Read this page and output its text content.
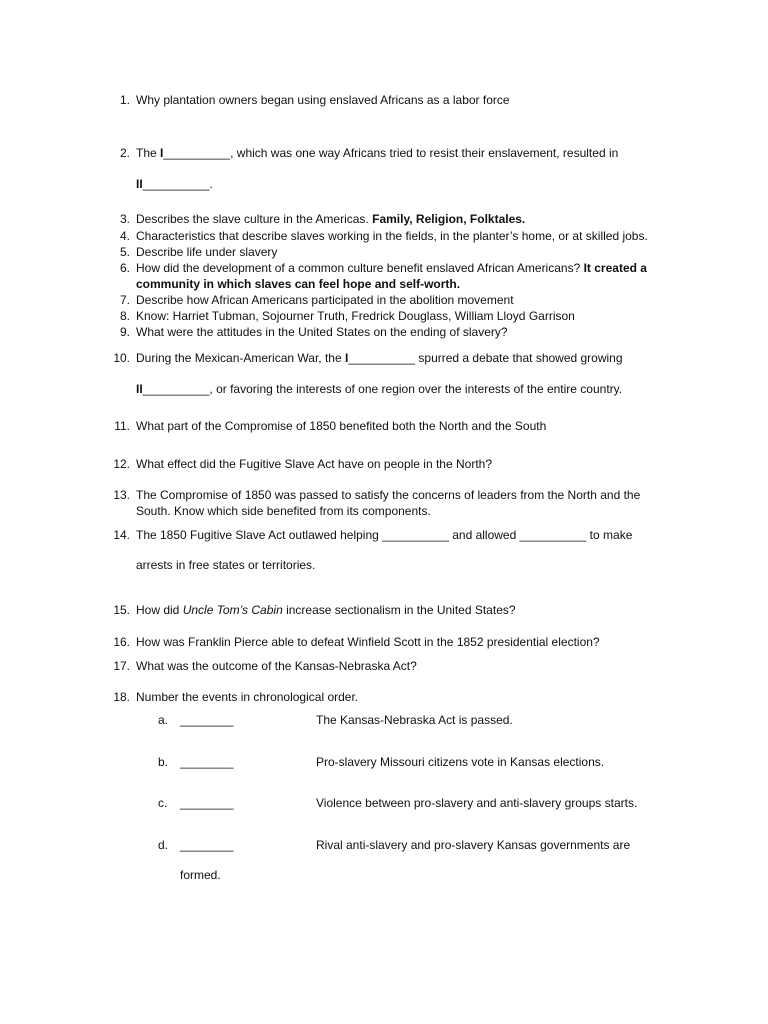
1. Why plantation owners began using enslaved Africans as a labor force
2. The I__________, which was one way Africans tried to resist their enslavement, resulted in
II__________.
3. Describes the slave culture in the Americas. Family, Religion, Folktales.
4. Characteristics that describe slaves working in the fields, in the planter’s home, or at skilled jobs.
5. Describe life under slavery
6. How did the development of a common culture benefit enslaved African Americans? It created a
community in which slaves can feel hope and self-worth.
7. Describe how African Americans participated in the abolition movement
8. Know: Harriet Tubman, Sojourner Truth, Fredrick Douglass, William Lloyd Garrison
9. What were the attitudes in the United States on the ending of slavery?
10. During the Mexican-American War, the I__________ spurred a debate that showed growing
II__________, or favoring the interests of one region over the interests of the entire country.
11. What part of the Compromise of 1850 benefited both the North and the South
12. What effect did the Fugitive Slave Act have on people in the North?
13. The Compromise of 1850 was passed to satisfy the concerns of leaders from the North and the
South. Know which side benefited from its components.
14. The 1850 Fugitive Slave Act outlawed helping __________ and allowed __________ to make
arrests in free states or territories.
15. How did Uncle Tom’s Cabin increase sectionalism in the United States?
16. How was Franklin Pierce able to defeat Winfield Scott in the 1852 presidential election?
17. What was the outcome of the Kansas-Nebraska Act?
18. Number the events in chronological order.
a. ________	The Kansas-Nebraska Act is passed.
b. ________	Pro-slavery Missouri citizens vote in Kansas elections.
c. ________	Violence between pro-slavery and anti-slavery groups starts.
d. ________	Rival anti-slavery and pro-slavery Kansas governments are
formed.
